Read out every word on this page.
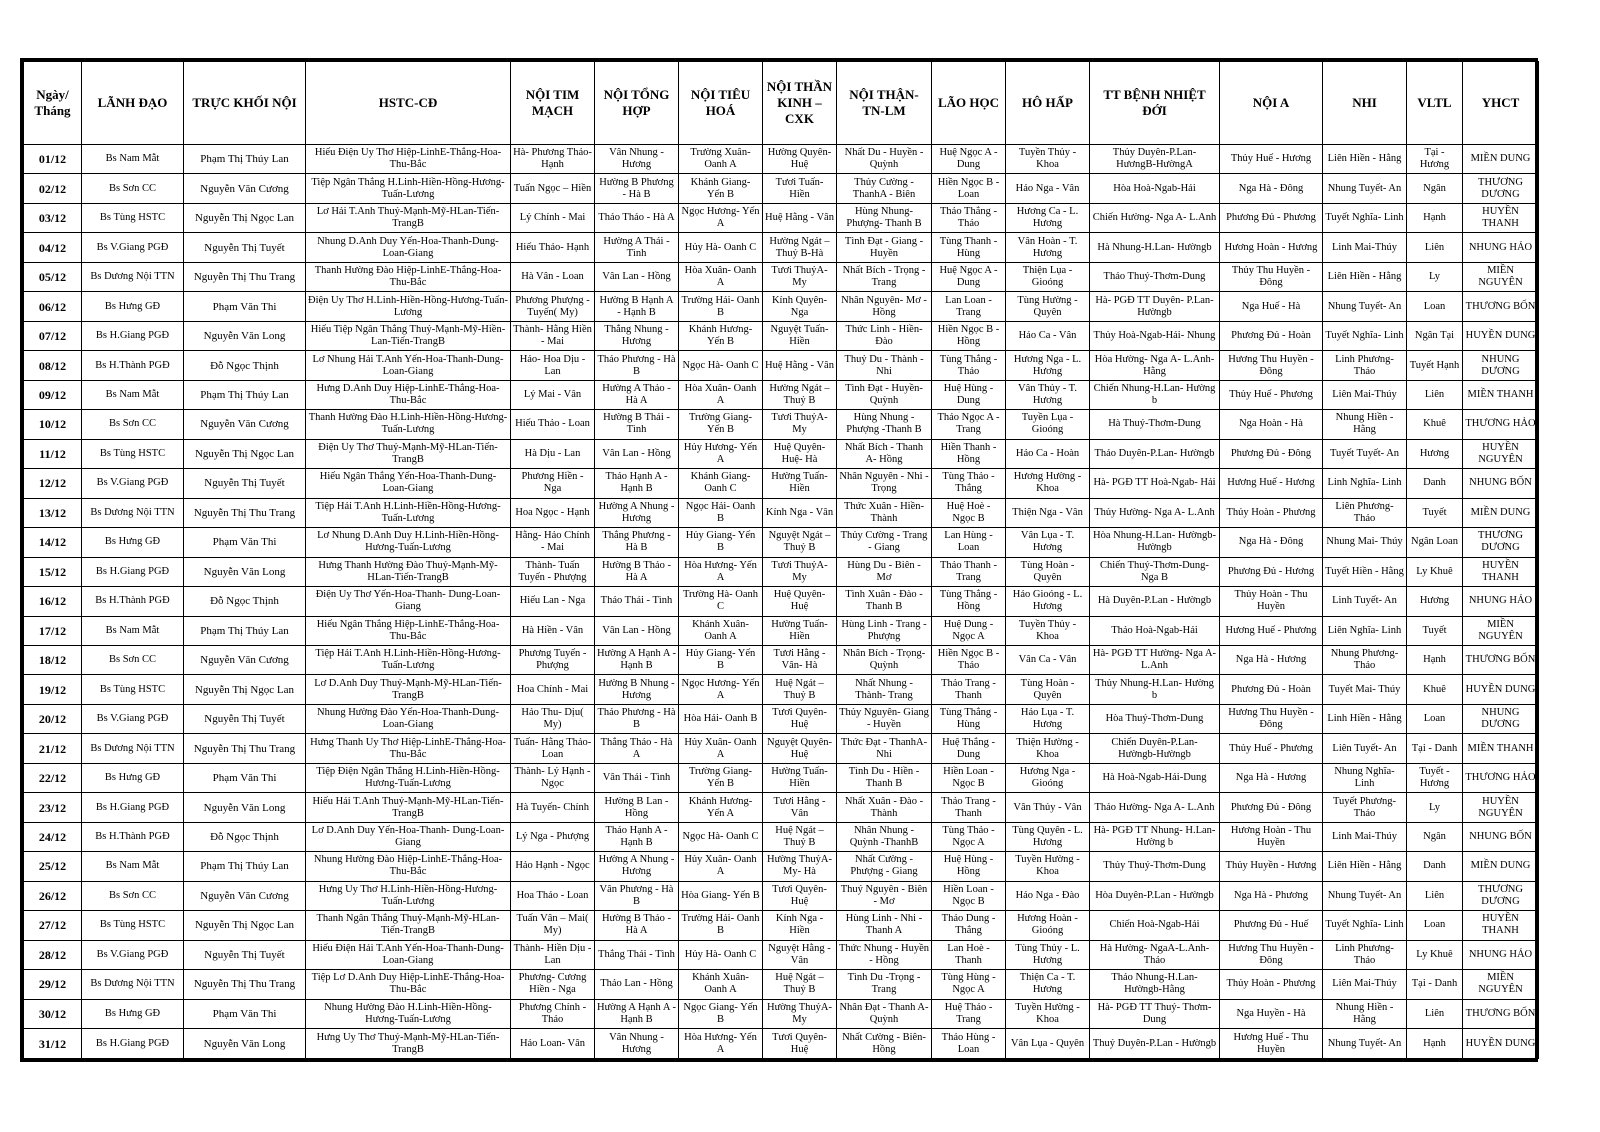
Ngày/ Tháng	LÃNH ĐẠO	TRỰC KHỐI NỘI	HSTC-CĐ	NỘI TIM MẠCH	NỘI TỔNG HỢP	NỘI TIÊU HOÁ	NỘI THẦN KINH – CXK	NỘI THẬN- TN-LM	LÃO HỌC	HÔ HẤP	TT BỆNH NHIỆT ĐỚI	NỘI A	NHI	VLTL	YHCT
01/12	Bs Nam Mẫt	Phạm Thị Thúy Lan	Hiếu Điện Uy Thơ Hiệp-LinhE-Thắng-Hoa-Thu-Bắc	Hà- Phương Thảo- Hạnh	Vân Nhung - Hương	Trường Xuân- Oanh A	Hường Quyên- Huệ	Nhất Du - Huyền - Quỳnh	Huệ Ngọc A - Dung	Tuyền Thủy - Khoa	Thủy Duyên-P.Lan- HươngB-HườngA	Thủy Huế - Hương	Liên Hiền - Hằng	Tại - Hương	MIỀN DUNG
02/12	Bs Sơn CC	Nguyễn Văn Cương	Tiệp Ngân Thắng H.Linh-Hiền-Hồng-Hương-Tuấn-Lương	Tuấn Ngọc – Hiền	Hường B Phương - Hà B	Khánh Giang- Yến B	Tươi Tuấn- Hiền	Thủy Cường - ThanhA - Biên	Hiền Ngọc B - Loan	Hảo Nga - Vân	Hòa Hoà-Ngab-Hải	Nga Hà - Đông	Nhung Tuyết- An	Ngân	THƯƠNG DƯƠNG
03/12	Bs Tùng HSTC	Nguyễn Thị Ngọc Lan	Lơ Hải T.Anh Thuỷ-Mạnh-Mỹ-HLan-Tiến-TrangB	Lý Chính - Mai	Thảo Thảo - Hà A	Ngọc Hương- Yến A	Huệ Hằng - Vân	Hùng Nhung- Phượng- Thanh B	Thảo Thắng - Thảo	Hương Ca - L. Hương	Chiến Hường- Nga A- L.Anh	Phương Đủ - Phương	Tuyết Nghĩa- Linh	Hạnh	HUYỀN THANH
04/12	Bs V.Giang PGĐ	Nguyễn Thị Tuyết	Nhung D.Anh Duy Yến-Hoa-Thanh-Dung-Loan-Giang	Hiếu Thảo- Hạnh	Hường A Thái - Tình	Hủy Hà- Oanh C	Hường Ngát – Thuỷ B-Hà	Tình Đạt - Giang - Huyền	Tùng Thanh - Hùng	Vân Hoàn - T. Hương	Hà Nhung-H.Lan- Hườngb	Hương Hoàn - Hương	Linh Mai-Thúy	Liên	NHUNG HẢO
05/12	Bs Dương Nội TTN	Nguyễn Thị Thu Trang	Thanh Hường Đào Hiệp-LinhE-Thắng-Hoa-Thu-Bắc	Hà Vân - Loan	Vân Lan - Hồng	Hòa Xuân- Oanh A	Tươi ThuỷA- My	Nhất Bích - Trọng -Trang	Huệ Ngọc A - Dung	Thiện Lụa - Gioóng	Thảo Thuý-Thơm-Dung	Thủy Thu Huyền - Đông	Liên Hiền - Hằng	Ly	MIỀN NGUYÊN
06/12	Bs Hưng GĐ	Phạm Văn Thi	Điện Uy Thơ H.Linh-Hiền-Hồng-Hương-Tuấn-Lương	Phương Phượng - Tuyến( My)	Hường B Hạnh A - Hạnh B	Trường Hải- Oanh B	Kính Quyên- Nga	Nhân Nguyên- Mơ - Hồng	Lan Loan - Trang	Tùng Hường - Quyên	Hà- PGĐ TT Duyên- P.Lan- Hườngb	Nga Huế - Hà	Nhung Tuyết- An	Loan	THƯƠNG BỐN
07/12	Bs H.Giang PGĐ	Nguyễn Văn Long	Hiếu Tiệp Ngân Thắng Thuỷ-Mạnh-Mỹ-Hiền-Lan-Tiến-TrangB	Thành- Hằng Hiền - Mai	Thắng Nhung - Hương	Khánh Hương- Yến B	Nguyệt Tuấn- Hiền	Thức Linh - Hiền- Đào	Hiền Ngọc B - Hồng	Hảo Ca - Vân	Thủy Hoà-Ngab-Hải- Nhung	Phương Đủ - Hoàn	Tuyết Nghĩa- Linh	Ngân Tại	HUYỀN DUNG
08/12	Bs H.Thành PGĐ	Đỗ Ngọc Thịnh	Lơ Nhung Hải T.Anh Yến-Hoa-Thanh-Dung-Loan-Giang	Hảo- Hoa Dịu - Lan	Thảo Phương - Hà B	Ngọc Hà- Oanh C	Huệ Hằng - Vân	Thuỷ Du - Thành - Nhi	Tùng Thắng - Thảo	Hương Nga - L. Hương	Hòa Hường- Nga A- L.Anh-Hằng	Hương Thu Huyền - Đông	Linh Phương- Thảo	Tuyết Hạnh	NHUNG DƯƠNG
09/12	Bs Nam Mẫt	Phạm Thị Thúy Lan	Hưng D.Anh Duy Hiệp-LinhE-Thắng-Hoa-Thu-Bắc	Lý Mai - Vân	Hường A Thảo - Hà A	Hòa Xuân- Oanh A	Hường Ngát – Thuỷ B	Tình Đạt - Huyền- Quỳnh	Huệ Hùng - Dung	Vân Thủy - T. Hương	Chiến Nhung-H.Lan- Hường b	Thủy Huế - Phương	Liên Mai-Thúy	Liên	MIỀN THANH
10/12	Bs Sơn CC	Nguyễn Văn Cương	Thanh Hường Đào H.Linh-Hiền-Hồng-Hương-Tuấn-Lương	Hiếu Thảo - Loan	Hường B Thái - Tình	Trường Giang- Yến B	Tươi ThuỷA- My	Hùng Nhung - Phượng -Thanh B	Thảo Ngọc A - Trang	Tuyền Lụa - Gioóng	Hà Thuý-Thơm-Dung	Nga Hoàn - Hà	Nhung Hiền - Hằng	Khuê	THƯƠNG HẢO
11/12	Bs Tùng HSTC	Nguyễn Thị Ngọc Lan	Điện Uy Thơ Thuỷ-Mạnh-Mỹ-HLan-Tiến-TrangB	Hà Dịu - Lan	Vân Lan - Hồng	Hủy Hương- Yến A	Huệ Quyên- Huệ- Hà	Nhất Bích - Thanh A- Hồng	Hiền Thanh - Hồng	Hảo Ca - Hoàn	Thảo Duyên-P.Lan- Hườngb	Phương Đủ - Đông	Tuyết Tuyết- An	Hương	HUYỀN NGUYÊN
12/12	Bs V.Giang PGĐ	Nguyễn Thị Tuyết	Hiếu Ngân Thắng Yến-Hoa-Thanh-Dung-Loan-Giang	Phương Hiền - Nga	Thảo Hạnh A - Hạnh B	Khánh Giang- Oanh C	Hường Tuấn- Hiền	Nhân Nguyên - Nhi -Trọng	Tùng Thảo - Thắng	Hương Hường - Khoa	Hà- PGĐ TT Hoà-Ngab- Hải	Hương Huế - Hương	Linh Nghĩa- Linh	Danh	NHUNG BỐN
13/12	Bs Dương Nội TTN	Nguyễn Thị Thu Trang	Tiệp Hải T.Anh H.Linh-Hiền-Hồng-Hương-Tuấn-Lương	Hoa Ngọc - Hạnh	Hường A Nhung - Hương	Ngọc Hải- Oanh B	Kính Nga - Vân	Thức Xuân - Hiền- Thành	Huệ Hoè - Ngọc B	Thiện Nga - Vân	Thủy Hường- Nga A- L.Anh	Thủy Hoàn - Phương	Liên Phương- Thảo	Tuyết	MIỀN DUNG
14/12	Bs Hưng GĐ	Phạm Văn Thi	Lơ Nhung D.Anh Duy H.Linh-Hiền-Hồng-Hương-Tuấn-Lương	Hằng- Hảo Chính - Mai	Thắng Phương - Hà B	Hủy Giang- Yến B	Nguyệt Ngát – Thuỷ B	Thủy Cường - Trang - Giang	Lan Hùng - Loan	Vân Lụa - T. Hương	Hòa Nhung-H.Lan- Hườngb-Hườngb	Nga Hà - Đông	Nhung Mai- Thúy	Ngân Loan	THƯƠNG DƯƠNG
15/12	Bs H.Giang PGĐ	Nguyễn Văn Long	Hưng Thanh Hường Đào Thuỷ-Mạnh-Mỹ-HLan-Tiến-TrangB	Thành- Tuấn Tuyến - Phượng	Hường B Thảo - Hà A	Hòa Hương- Yến A	Tươi ThuỷA- My	Hùng Du - Biên - Mơ	Thảo Thanh - Trang	Tùng Hoàn - Quyên	Chiến Thuý-Thơm-Dung- Nga B	Phương Đủ - Hương	Tuyết Hiền - Hằng	Ly Khuê	HUYỀN THANH
16/12	Bs H.Thành PGĐ	Đỗ Ngọc Thịnh	Điện Uy Thơ Yến-Hoa-Thanh- Dung-Loan-Giang	Hiếu Lan - Nga	Thảo Thái - Tình	Trường Hà- Oanh C	Huệ Quyên- Huệ	Tình Xuân - Đào -Thanh B	Tùng Thắng - Hồng	Hảo Gioóng - L. Hương	Hà Duyên-P.Lan - Hườngb	Thủy Hoàn - Thu Huyền	Linh Tuyết- An	Hương	NHUNG HẢO
17/12	Bs Nam Mẫt	Phạm Thị Thúy Lan	Hiếu Ngân Thắng Hiệp-LinhE-Thắng-Hoa-Thu-Bắc	Hà Hiền - Vân	Vân Lan - Hồng	Khánh Xuân- Oanh A	Hường Tuấn- Hiền	Hùng Linh - Trang - Phượng	Huệ Dung - Ngọc A	Tuyền Thủy - Khoa	Thảo Hoà-Ngab-Hải	Hương Huế - Phương	Liên Nghĩa- Linh	Tuyết	MIỀN NGUYÊN
18/12	Bs Sơn CC	Nguyễn Văn Cương	Tiệp Hải T.Anh H.Linh-Hiền-Hồng-Hương-Tuấn-Lương	Phương Tuyến - Phượng	Hường A Hạnh A - Hạnh B	Hủy Giang- Yến B	Tươi Hằng - Vân- Hà	Nhân Bích - Trọng- Quỳnh	Hiền Ngọc B - Thảo	Vân Ca - Vân	Hà- PGĐ TT Hường- Nga A-L.Anh	Nga Hà - Hương	Nhung Phương- Thảo	Hạnh	THƯƠNG BỐN
19/12	Bs Tùng HSTC	Nguyễn Thị Ngọc Lan	Lơ D.Anh Duy Thuỷ-Mạnh-Mỹ-HLan-Tiến-TrangB	Hoa Chính - Mai	Hường B Nhung - Hương	Ngọc Hương- Yến A	Huệ Ngát – Thuỷ B	Nhất Nhung - Thành- Trang	Thảo Trang - Thanh	Tùng Hoàn - Quyên	Thủy Nhung-H.Lan- Hường b	Phương Đủ - Hoàn	Tuyết Mai- Thúy	Khuê	HUYỀN DUNG
20/12	Bs V.Giang PGĐ	Nguyễn Thị Tuyết	Nhung Hường Đào Yến-Hoa-Thanh-Dung-Loan-Giang	Hảo Thu- Dịu( My)	Thảo Phương - Hà B	Hòa Hải- Oanh B	Tươi Quyên- Huệ	Thủy Nguyên- Giang - Huyền	Tùng Thắng - Hùng	Hảo Lụa - T. Hương	Hòa Thuý-Thơm-Dung	Hương Thu Huyền - Đông	Linh Hiền - Hằng	Loan	NHUNG DƯƠNG
21/12	Bs Dương Nội TTN	Nguyễn Thị Thu Trang	Hưng Thanh Uy Thơ Hiệp-LinhE-Thắng-Hoa-Thu-Bắc	Tuấn- Hằng Thảo- Loan	Thắng Thảo - Hà A	Hủy Xuân- Oanh A	Nguyệt Quyên- Huệ	Thức Đạt - ThanhA- Nhi	Huệ Thắng - Dung	Thiện Hường - Khoa	Chiến Duyên-P.Lan- Hườngb-Hườngb	Thủy Huế - Phương	Liên Tuyết- An	Tại - Danh	MIỀN THANH
22/12	Bs Hưng GĐ	Phạm Văn Thi	Tiệp Điện Ngân Thắng H.Linh-Hiền-Hồng-Hương-Tuấn-Lương	Thành- Lý Hạnh - Ngọc	Vân Thái - Tình	Trường Giang- Yến B	Hường Tuấn- Hiền	Tình Du - Hiền - Thanh B	Hiền Loan - Ngọc B	Hương Nga - Gioóng	Hà Hoà-Ngab-Hải-Dung	Nga Hà - Hương	Nhung Nghĩa- Linh	Tuyết - Hương	THƯƠNG HẢO
23/12	Bs H.Giang PGĐ	Nguyễn Văn Long	Hiếu Hải T.Anh Thuỷ-Mạnh-Mỹ-HLan-Tiến-TrangB	Hà Tuyến- Chính	Hường B Lan - Hồng	Khánh Hương- Yến A	Tươi Hằng - Vân	Nhất Xuân - Đào - Thành	Thảo Trang - Thanh	Vân Thủy - Vân	Thảo Hường- Nga A- L.Anh	Phương Đủ - Đông	Tuyết Phương- Thảo	Ly	HUYỀN NGUYÊN
24/12	Bs H.Thành PGĐ	Đỗ Ngọc Thịnh	Lơ D.Anh Duy Yến-Hoa-Thanh- Dung-Loan-Giang	Lý Nga - Phượng	Thảo Hạnh A - Hạnh B	Ngọc Hà- Oanh C	Huệ Ngát – Thuỷ B	Nhân Nhung - Quỳnh -ThanhB	Tùng Thảo - Ngọc A	Tùng Quyên - L. Hương	Hà- PGĐ TT Nhung- H.Lan-Hường b	Hương Hoàn - Thu Huyền	Linh Mai-Thúy	Ngân	NHUNG BỐN
25/12	Bs Nam Mẫt	Phạm Thị Thúy Lan	Nhung Hường Đào Hiệp-LinhE-Thắng-Hoa-Thu-Bắc	Hảo Hạnh - Ngọc	Hường A Nhung - Hương	Hủy Xuân- Oanh A	Hường ThuỷA- My- Hà	Nhất Cường - Phượng - Giang	Huệ Hùng - Hồng	Tuyền Hường - Khoa	Thủy Thuý-Thơm-Dung	Thủy Huyền - Hương	Liên Hiền - Hằng	Danh	MIỀN DUNG
26/12	Bs Sơn CC	Nguyễn Văn Cương	Hưng Uy Thơ H.Linh-Hiền-Hồng-Hương-Tuấn-Lương	Hoa Thảo - Loan	Vân Phương - Hà B	Hòa Giang- Yến B	Tươi Quyên- Huệ	Thuý Nguyên - Biên - Mơ	Hiền Loan - Ngọc B	Hảo Nga - Đào	Hòa Duyên-P.Lan - Hườngb	Nga Hà - Phương	Nhung Tuyết- An	Liên	THƯƠNG DƯƠNG
27/12	Bs Tùng HSTC	Nguyễn Thị Ngọc Lan	Thanh Ngân Thắng Thuỷ-Mạnh-Mỹ-HLan-Tiến-TrangB	Tuấn Vân – Mai( My)	Hường B Thảo - Hà A	Trường Hải- Oanh B	Kính Nga - Hiền	Hùng Linh - Nhi - Thanh A	Thảo Dung - Thắng	Hương Hoàn - Gioóng	Chiến Hoà-Ngab-Hải	Phương Đủ - Huế	Tuyết Nghĩa- Linh	Loan	HUYỀN THANH
28/12	Bs V.Giang PGĐ	Nguyễn Thị Tuyết	Hiếu Điện Hải T.Anh Yến-Hoa-Thanh-Dung-Loan-Giang	Thành- Hiền Dịu - Lan	Thắng Thái - Tình	Hủy Hà- Oanh C	Nguyệt Hằng -Vân	Thức Nhung - Huyền - Hồng	Lan Hoè - Thanh	Tùng Thủy - L. Hương	Hà Hường- NgaA-L.Anh- Thảo	Hương Thu Huyền - Đông	Linh Phương- Thảo	Ly Khuê	NHUNG HẢO
29/12	Bs Dương Nội TTN	Nguyễn Thị Thu Trang	Tiệp Lơ D.Anh Duy Hiệp-LinhE-Thắng-Hoa-Thu-Bắc	Phương- Cương Hiền - Nga	Thảo Lan - Hồng	Khánh Xuân- Oanh A	Huệ Ngát – Thuỷ B	Tình Du -Trọng - Trang	Tùng Hùng - Ngọc A	Thiện Ca - T. Hương	Thảo Nhung-H.Lan- Hườngb-Hằng	Thủy Hoàn - Phương	Liên Mai-Thúy	Tại - Danh	MIỀN NGUYÊN
30/12	Bs Hưng GĐ	Phạm Văn Thi	Nhung Hường Đào H.Linh-Hiền-Hồng-Hương-Tuấn-Lương	Phương Chính - Thảo	Hường A Hạnh A - Hạnh B	Ngọc Giang- Yến B	Hường ThuỷA- My	Nhân Đạt - Thanh A- Quỳnh	Huệ Thảo - Trang	Tuyền Hường - Khoa	Hà- PGĐ TT Thuý- Thơm-Dung	Nga Huyền - Hà	Nhung Hiền - Hằng	Liên	THƯƠNG BỐN
31/12	Bs H.Giang PGĐ	Nguyễn Văn Long	Hưng Uy Thơ Thuỷ-Mạnh-Mỹ-HLan-Tiến-TrangB	Hảo Loan- Vân	Vân Nhung - Hương	Hòa Hương- Yến A	Tươi Quyên- Huệ	Nhất Cường - Biên- Hồng	Thảo Hùng - Loan	Vân Lụa - Quyên	Thuỷ Duyên-P.Lan - Hườngb	Hương Huế - Thu Huyền	Nhung Tuyết- An	Hạnh	HUYỀN DUNG
